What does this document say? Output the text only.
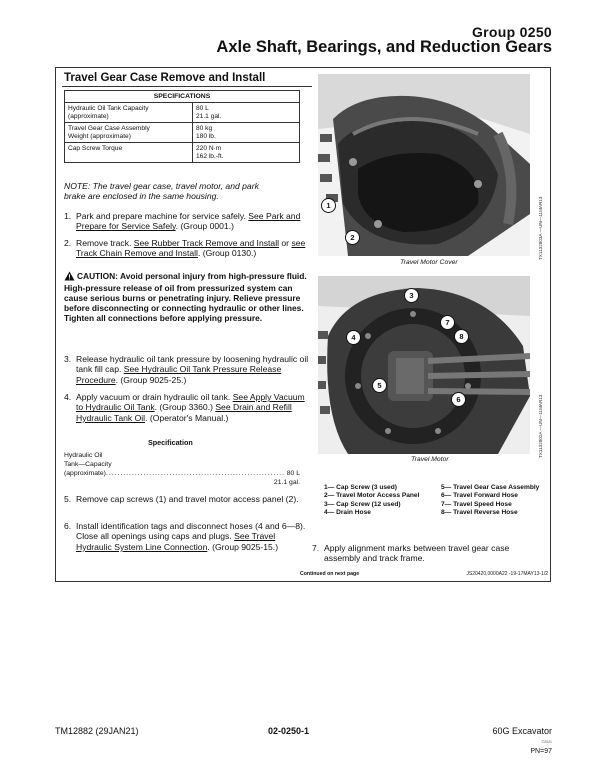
Group 0250
Axle Shaft, Bearings, and Reduction Gears
Travel Gear Case Remove and Install
SPECIFICATIONS	
Hydraulic Oil Tank Capacity
(approximate)	80 L
21.1 gal.
Travel Gear Case Assembly
Weight (approximate)	80 kg
180 lb.
Cap Screw Torque	220 N·m
162 lb.-ft.
NOTE: The travel gear case, travel motor, and park
brake are enclosed in the same housing.
1. Park and prepare machine for service safely. See Park and Prepare for Service Safely. (Group 0001.)
2. Remove track. See Rubber Track Remove and Install or see Track Chain Remove and Install. (Group 0130.)
CAUTION: Avoid personal injury from high-pressure fluid. High-pressure release of oil from pressurized system can cause serious burns or penetrating injury. Relieve pressure before disconnecting or connecting hydraulic or other lines. Tighten all connections before applying pressure.
3. Release hydraulic oil tank pressure by loosening hydraulic oil tank fill cap. See Hydraulic Oil Tank Pressure Release Procedure. (Group 9025-25.)
4. Apply vacuum or drain hydraulic oil tank. See Apply Vacuum to Hydraulic Oil Tank. (Group 3360.) See Drain and Refill Hydraulic Tank Oil. (Operator's Manual.)
Specification
Hydraulic Oil
Tank—Capacity
(approximate).............................................................. 80 L
21.1 gal.
5. Remove cap screws (1) and travel motor access panel (2).
6. Install identification tags and disconnect hoses (4 and 6—8). Close all openings using caps and plugs. See Travel Hydraulic System Line Connection. (Group 9025-15.)
1
2	TX1132803A —UN—11MAR13
Travel Motor Cover
3
4
5
6
7
8
TX1132802A —UN—11MAR13
Travel Motor
1— Cap Screw (3 used)
2— Travel Motor Access Panel
3— Cap Screw (12 used)
4— Drain Hose
5— Travel Gear Case Assembly
6— Travel Forward Hose
7— Travel Speed Hose
8— Travel Reverse Hose
7. Apply alignment marks between travel gear case assembly and track frame.
Continued on next page	JS20420,0000A22 -19-17MAY13-1/2
TM12882 (29JAN21)	02-0250-1	60G Excavator
©2021
PN=97
